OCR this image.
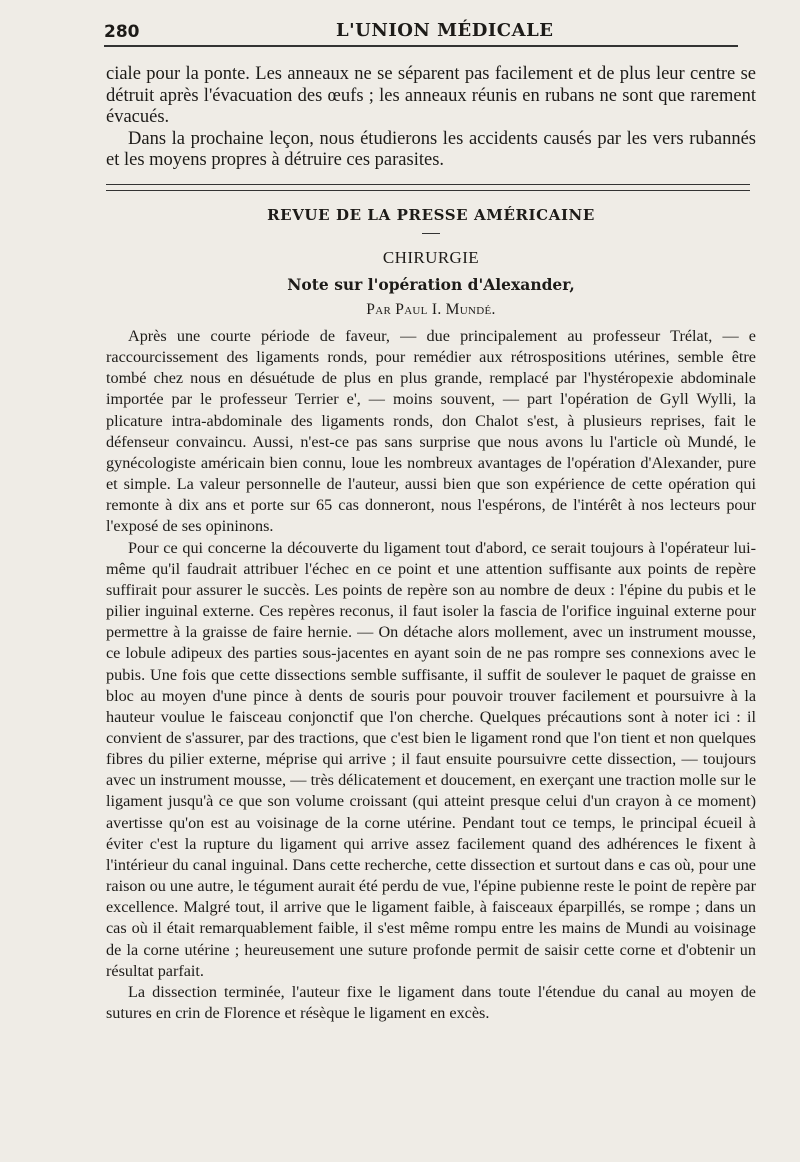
280	L'UNION MÉDICALE

ciale pour la ponte. Les anneaux ne se séparent pas facilement et de plus leur centre se détruit après l'évacuation des œufs ; les anneaux réunis en rubans ne sont que rarement évacués.

Dans la prochaine leçon, nous étudierons les accidents causés par les vers rubannés et les moyens propres à détruire ces parasites.

REVUE DE LA PRESSE AMÉRICAINE
CHIRURGIE
Note sur l'opération d'Alexander,
Par Paul I. Mundé.

Après une courte période de faveur, — due principalement au professeur Trélat, — e raccourcissement des ligaments ronds, pour remédier aux rétrospositions utérines, semble être tombé chez nous en désuétude de plus en plus grande, remplacé par l'hystéropexie abdominale importée par le professeur Terrier e', — moins souvent, — part l'opération de Gyll Wylli, la plicature intra-abdominale des ligaments ronds, don Chalot s'est, à plusieurs reprises, fait le défenseur convaincu. Aussi, n'est-ce pas sans surprise que nous avons lu l'article où Mundé, le gynécologiste américain bien connu, loue les nombreux avantages de l'opération d'Alexander, pure et simple. La valeur personnelle de l'auteur, aussi bien que son expérience de cette opération qui remonte à dix ans et porte sur 65 cas donneront, nous l'espérons, de l'intérêt à nos lecteurs pour l'exposé de ses opininons.

Pour ce qui concerne la découverte du ligament tout d'abord, ce serait toujours à l'opérateur lui-même qu'il faudrait attribuer l'échec en ce point et une attention suffisante aux points de repère suffirait pour assurer le succès. Les points de repère son au nombre de deux : l'épine du pubis et le pilier inguinal externe. Ces repères reconus, il faut isoler la fascia de l'orifice inguinal externe pour permettre à la graisse de faire hernie. — On détache alors mollement, avec un instrument mousse, ce lobule adipeux des parties sous-jacentes en ayant soin de ne pas rompre ses connexions avec le pubis. Une fois que cette dissections semble suffisante, il suffit de soulever le paquet de graisse en bloc au moyen d'une pince à dents de souris pour pouvoir trouver facilement et poursuivre à la hauteur voulue le faisceau conjonctif que l'on cherche. Quelques précautions sont à noter ici : il convient de s'assurer, par des tractions, que c'est bien le ligament rond que l'on tient et non quelques fibres du pilier externe, méprise qui arrive ; il faut ensuite poursuivre cette dissection, — toujours avec un instrument mousse, — très délicatement et doucement, en exerçant une traction molle sur le ligament jusqu'à ce que son volume croissant (qui atteint presque celui d'un crayon à ce moment) avertisse qu'on est au voisinage de la corne utérine. Pendant tout ce temps, le principal écueil à éviter c'est la rupture du ligament qui arrive assez facilement quand des adhérences le fixent à l'intérieur du canal inguinal. Dans cette recherche, cette dissection et surtout dans e cas où, pour une raison ou une autre, le tégument aurait été perdu de vue, l'épine pubienne reste le point de repère par excellence. Malgré tout, il arrive que le ligament faible, à faisceaux éparpillés, se rompe ; dans un cas où il était remarquablement faible, il s'est même rompu entre les mains de Mundi au voisinage de la corne utérine ; heureusement une suture profonde permit de saisir cette corne et d'obtenir un résultat parfait.

La dissection terminée, l'auteur fixe le ligament dans toute l'étendue du canal au moyen de sutures en crin de Florence et résèque le ligament en excès.
